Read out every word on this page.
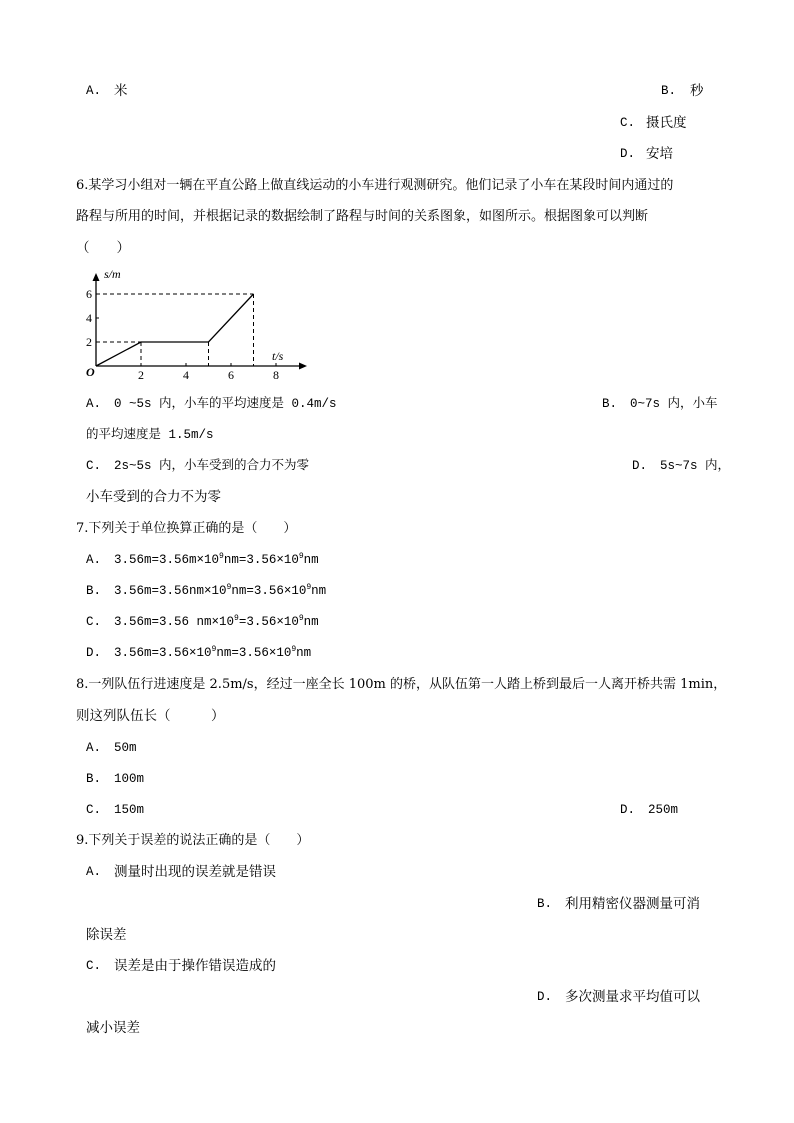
A. 米	B. 秒
C. 摄氏度
D. 安培
6.某学习小组对一辆在平直公路上做直线运动的小车进行观测研究。他们记录了小车在某段时间内通过的
路程与所用的时间，并根据记录的数据绘制了路程与时间的关系图象，如图所示。根据图象可以判断
（　　）
2	4	6	8
2
4
6
s/m
t/s
O
A. 0 ~5s 内，小车的平均速度是 0.4m/s	B. 0~7s 内，小车
的平均速度是 1.5m/s
C. 2s~5s 内，小车受到的合力不为零	D. 5s~7s 内，
小车受到的合力不为零
7.下列关于单位换算正确的是（　　）
A. $3.56m=3.56m\times 10^9nm=3.56\times 10^9nm$
B. $3.56m=3.56nm\times 10^9nm=3.56\times 10^9nm$
C. 3.56m=3.56 $nm\times 10^9=3.56\times 10^9nm$
D. $3.56m=3.56\times 10^9nm=3.56\times 10^9nm$
8.一列队伍行进速度是 2.5m/s，经过一座全长 100m 的桥，从队伍第一人踏上桥到最后一人离开桥共需 1min，
则这列队伍长（　　　）
A. 50m
B. 100m
C. 150m	D. 250m
9.下列关于误差的说法正确的是（　　）
A. 测量时出现的误差就是错误
B. 利用精密仪器测量可消
除误差
C. 误差是由于操作错误造成的
D. 多次测量求平均值可以
减小误差
